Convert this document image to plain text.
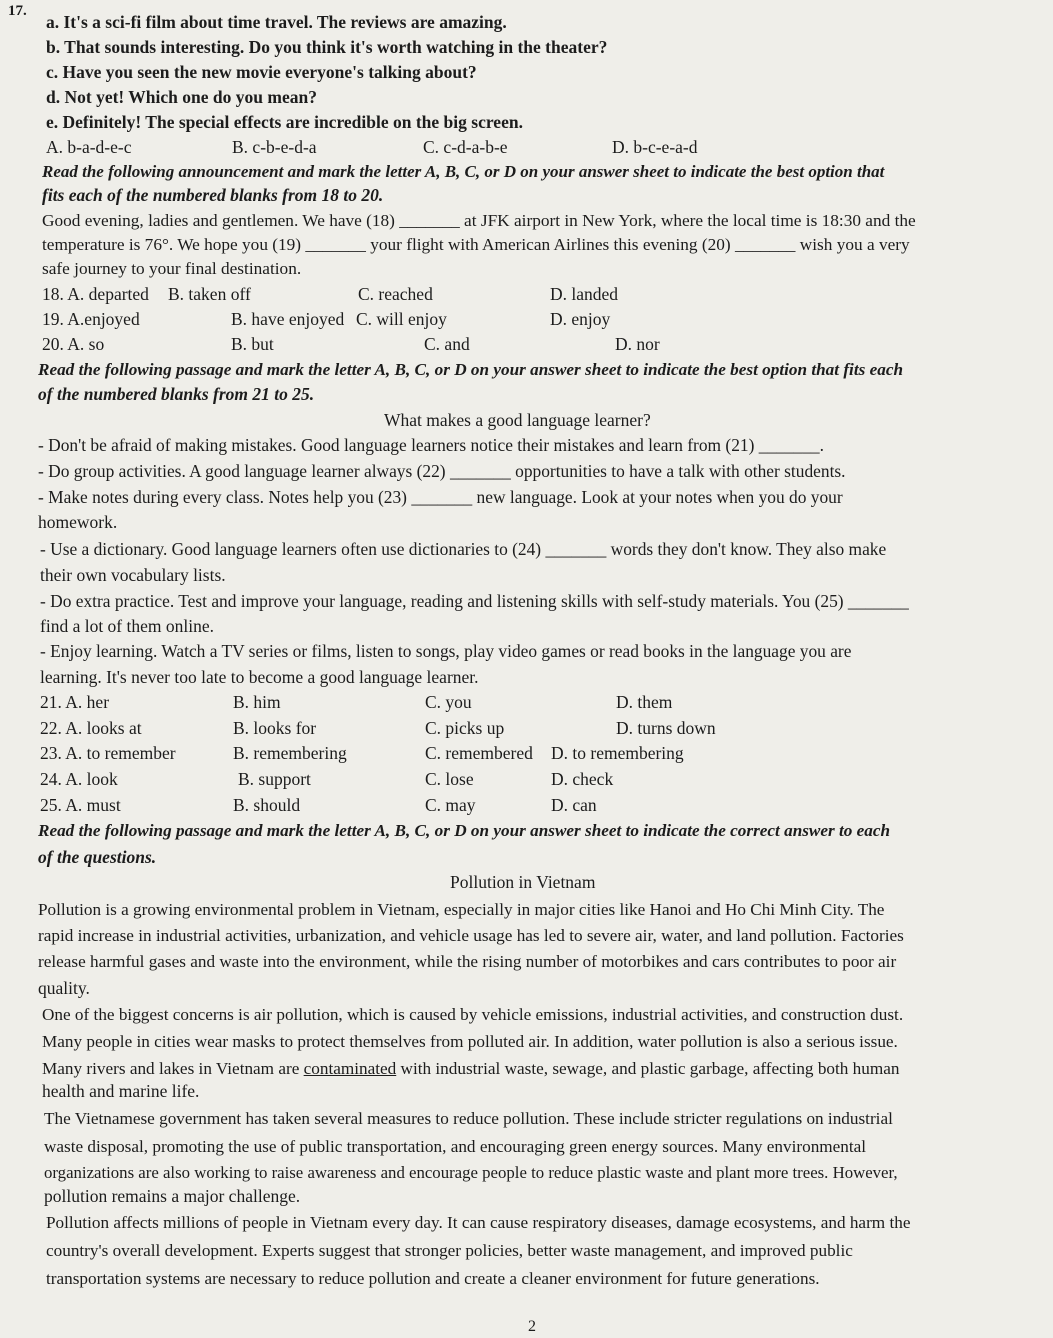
17.
a. It's a sci-fi film about time travel. The reviews are amazing.
b. That sounds interesting. Do you think it's worth watching in the theater?
c. Have you seen the new movie everyone's talking about?
d. Not yet! Which one do you mean?
e. Definitely! The special effects are incredible on the big screen.
A. b-a-d-e-c	B. c-b-e-d-a	C. c-d-a-b-e	D. b-c-e-a-d
Read the following announcement and mark the letter A, B, C, or D on your answer sheet to indicate the best option that
fits each of the numbered blanks from 18 to 20.
Good evening, ladies and gentlemen. We have (18) _______ at JFK airport in New York, where the local time is 18:30 and the
temperature is 76°. We hope you (19) _______ your flight with American Airlines this evening (20) _______ wish you a very
safe journey to your final destination.
18. A. departed B. taken off	C. reached	D. landed
19. A.enjoyed	B. have enjoyed C. will enjoy	D. enjoy
20. A. so	B. but	C. and	D. nor
Read the following passage and mark the letter A, B, C, or D on your answer sheet to indicate the best option that fits each
of the numbered blanks from 21 to 25.
What makes a good language learner?
- Don't be afraid of making mistakes. Good language learners notice their mistakes and learn from (21) _______.
- Do group activities. A good language learner always (22) _______ opportunities to have a talk with other students.
- Make notes during every class. Notes help you (23) _______ new language. Look at your notes when you do your
homework.
- Use a dictionary. Good language learners often use dictionaries to (24) _______ words they don't know. They also make
their own vocabulary lists.
- Do extra practice. Test and improve your language, reading and listening skills with self-study materials. You (25) _______
find a lot of them online.
- Enjoy learning. Watch a TV series or films, listen to songs, play video games or read books in the language you are
learning. It's never too late to become a good language learner.
21. A. her	B. him	C. you	D. them
22. A. looks at	B. looks for	C. picks up	D. turns down
23. A. to remember	B. remembering	C. remembered D. to remembering
24. A. look	B. support	C. lose	D. check
25. A. must	B. should	C. may	D. can
Read the following passage and mark the letter A, B, C, or D on your answer sheet to indicate the correct answer to each
of the questions.
Pollution in Vietnam
Pollution is a growing environmental problem in Vietnam, especially in major cities like Hanoi and Ho Chi Minh City. The
rapid increase in industrial activities, urbanization, and vehicle usage has led to severe air, water, and land pollution. Factories
release harmful gases and waste into the environment, while the rising number of motorbikes and cars contributes to poor air
quality.
One of the biggest concerns is air pollution, which is caused by vehicle emissions, industrial activities, and construction dust.
Many people in cities wear masks to protect themselves from polluted air. In addition, water pollution is also a serious issue.
Many rivers and lakes in Vietnam are contaminated with industrial waste, sewage, and plastic garbage, affecting both human
health and marine life.
The Vietnamese government has taken several measures to reduce pollution. These include stricter regulations on industrial
waste disposal, promoting the use of public transportation, and encouraging green energy sources. Many environmental
organizations are also working to raise awareness and encourage people to reduce plastic waste and plant more trees. However,
pollution remains a major challenge.
Pollution affects millions of people in Vietnam every day. It can cause respiratory diseases, damage ecosystems, and harm the
country's overall development. Experts suggest that stronger policies, better waste management, and improved public
transportation systems are necessary to reduce pollution and create a cleaner environment for future generations.
2
